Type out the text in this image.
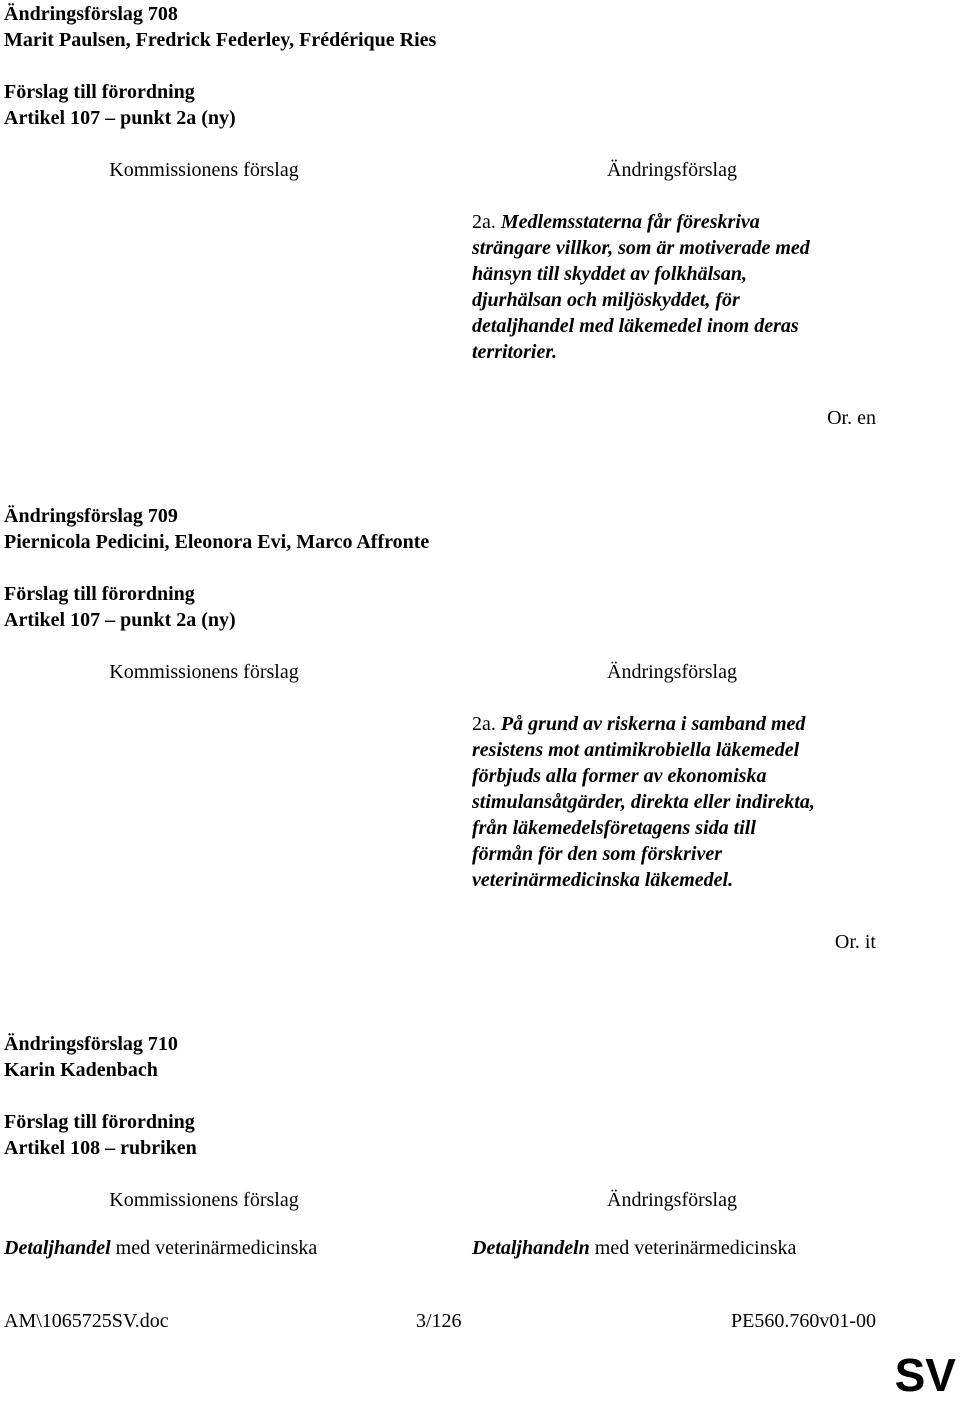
Ändringsförslag 708
Marit Paulsen, Fredrick Federley, Frédérique Ries
Förslag till förordning
Artikel 107 – punkt 2a (ny)
Kommissionens förslag	Ändringsförslag
2a. Medlemsstaterna får föreskriva
strängare villkor, som är motiverade med
hänsyn till skyddet av folkhälsan,
djurhälsan och miljöskyddet, för
detaljhandel med läkemedel inom deras
territorier.
Or. en
Ändringsförslag 709
Piernicola Pedicini, Eleonora Evi, Marco Affronte
Förslag till förordning
Artikel 107 – punkt 2a (ny)
Kommissionens förslag	Ändringsförslag
2a. På grund av riskerna i samband med
resistens mot antimikrobiella läkemedel
förbjuds alla former av ekonomiska
stimulansåtgärder, direkta eller indirekta,
från läkemedelsföretagens sida till
förmån för den som förskriver
veterinärmedicinska läkemedel.
Or. it
Ändringsförslag 710
Karin Kadenbach
Förslag till förordning
Artikel 108 – rubriken
Kommissionens förslag	Ändringsförslag
Detaljhandel med veterinärmedicinska	Detaljhandeln med veterinärmedicinska
AM\1065725SV.doc	3/126	PE560.760v01-00
SV
